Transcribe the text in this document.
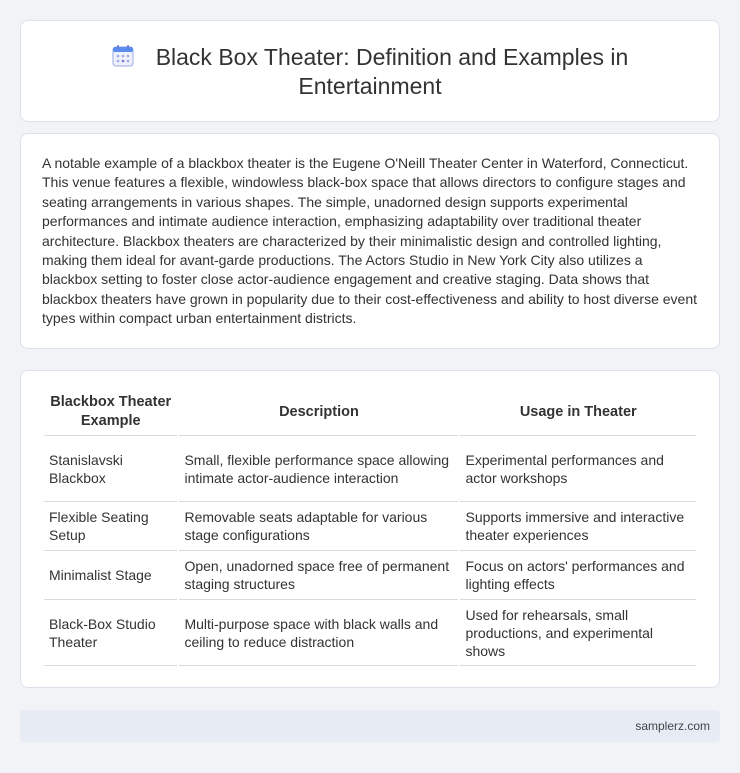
Black Box Theater: Definition and Examples in Entertainment

A notable example of a blackbox theater is the Eugene O'Neill Theater Center in Waterford, Connecticut. This venue features a flexible, windowless black-box space that allows directors to configure stages and seating arrangements in various shapes. The simple, unadorned design supports experimental performances and intimate audience interaction, emphasizing adaptability over traditional theater architecture. Blackbox theaters are characterized by their minimalistic design and controlled lighting, making them ideal for avant-garde productions. The Actors Studio in New York City also utilizes a blackbox setting to foster close actor-audience engagement and creative staging. Data shows that blackbox theaters have grown in popularity due to their cost-effectiveness and ability to host diverse event types within compact urban entertainment districts.

Blackbox Theater Example	Description	Usage in Theater
Stanislavski Blackbox	Small, flexible performance space allowing intimate actor-audience interaction	Experimental performances and actor workshops
Flexible Seating Setup	Removable seats adaptable for various stage configurations	Supports immersive and interactive theater experiences
Minimalist Stage	Open, unadorned space free of permanent staging structures	Focus on actors' performances and lighting effects
Black-Box Studio Theater	Multi-purpose space with black walls and ceiling to reduce distraction	Used for rehearsals, small productions, and experimental shows
samplerz.com
